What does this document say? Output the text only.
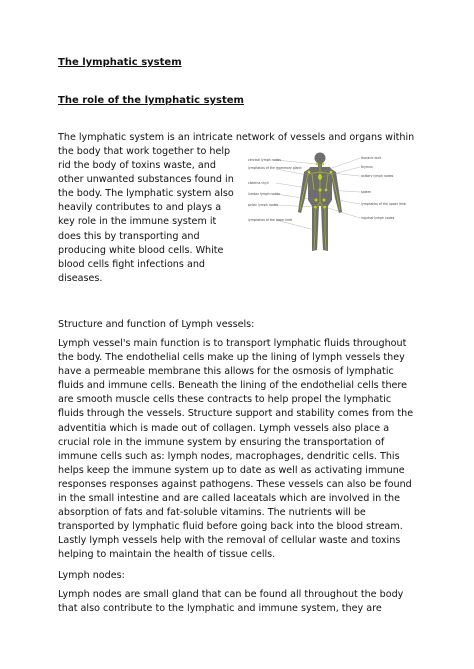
The lymphatic system

The role of the lymphatic system

The lymphatic system is an intricate network of vessels and organs within

the body that work together to help
rid the body of toxins waste, and
other unwanted substances found in
the body. The lymphatic system also
heavily contributes to and plays a
key role in the immune system it
does this by transporting and
producing white blood cells. White
blood cells fight infections and
diseases.

cervical lymph nodes
lymphatics of the mammary gland
cisterna chyli
lumbar lymph nodes
pelvic lymph nodes
lymphatics of the lower limb
thoracic duct
thymus
axillary lymph nodes
spleen
lymphatics of the upper limb
inguinal lymph nodes

Structure and function of Lymph vessels:

Lymph vessel's main function is to transport lymphatic fluids throughout
the body. The endothelial cells make up the lining of lymph vessels they
have a permeable membrane this allows for the osmosis of lymphatic
fluids and immune cells. Beneath the lining of the endothelial cells there
are smooth muscle cells these contracts to help propel the lymphatic
fluids through the vessels. Structure support and stability comes from the
adventitia which is made out of collagen. Lymph vessels also place a
crucial role in the immune system by ensuring the transportation of
immune cells such as: lymph nodes, macrophages, dendritic cells. This
helps keep the immune system up to date as well as activating immune
responses responses against pathogens. These vessels can also be found
in the small intestine and are called laceatals which are involved in the
absorption of fats and fat-soluble vitamins. The nutrients will be
transported by lymphatic fluid before going back into the blood stream.
Lastly lymph vessels help with the removal of cellular waste and toxins
helping to maintain the health of tissue cells.

Lymph nodes:

Lymph nodes are small gland that can be found all throughout the body
that also contribute to the lymphatic and immune system, they are
